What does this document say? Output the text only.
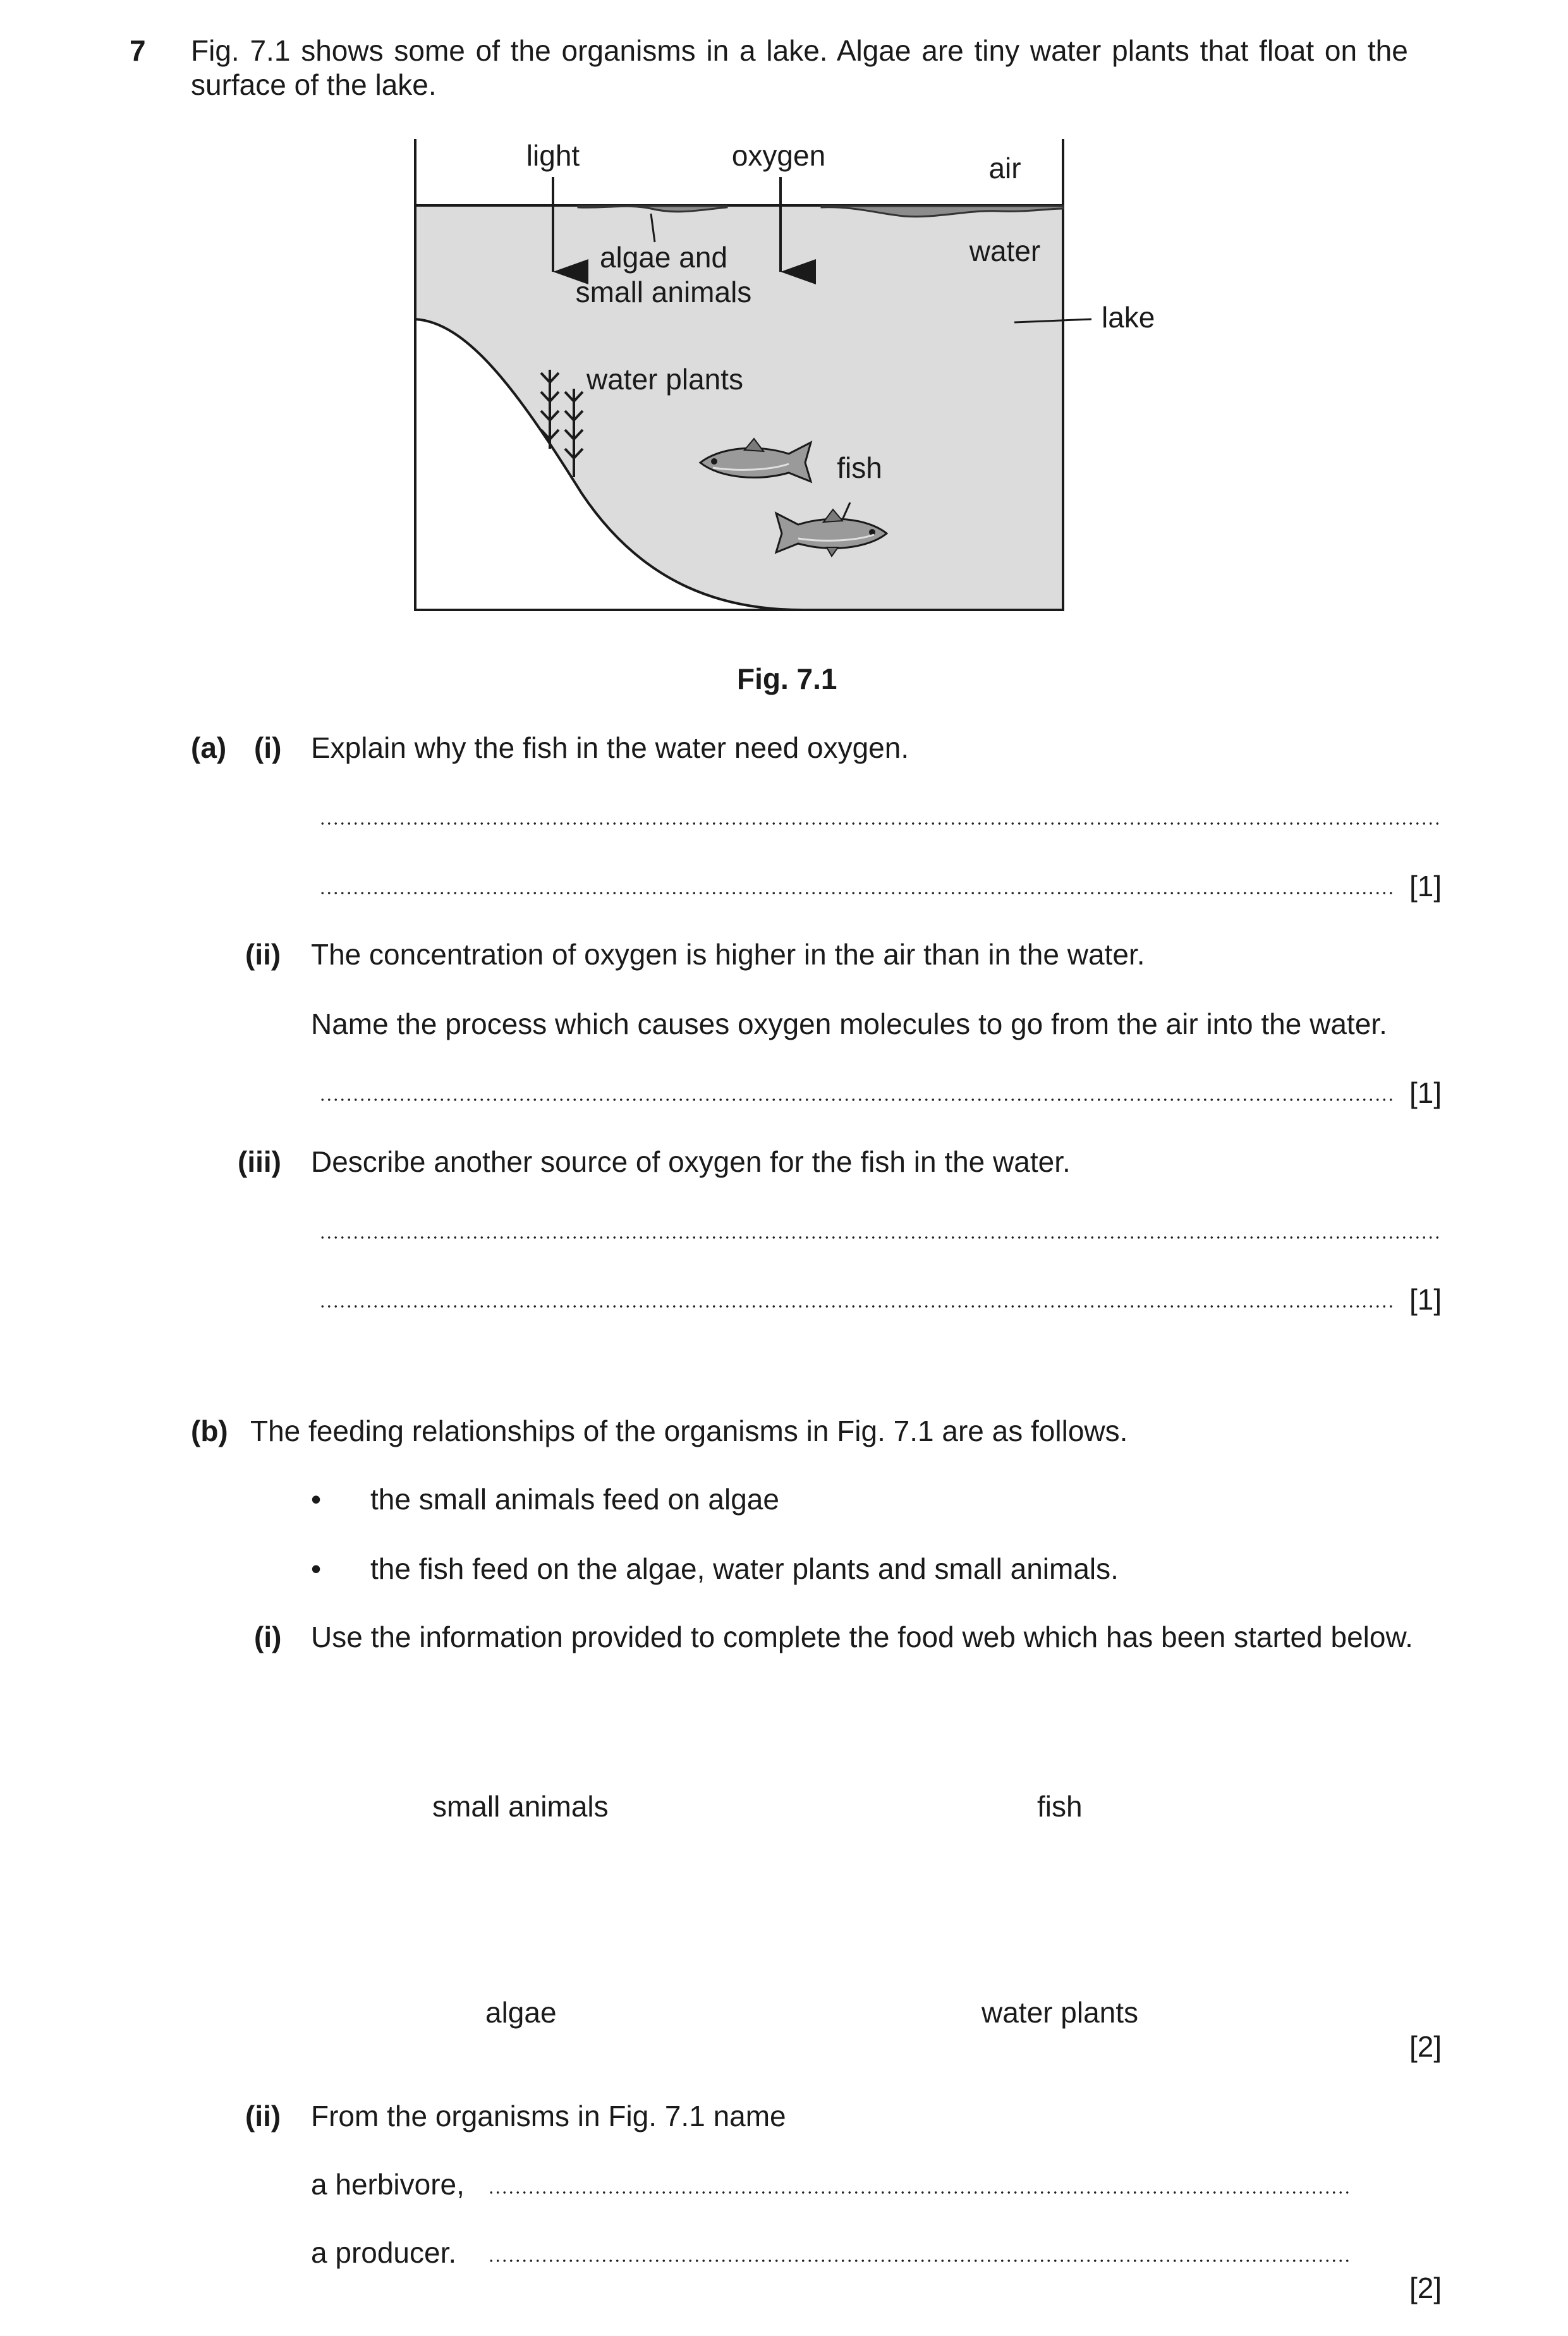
7 Fig. 7.1 shows some of the organisms in a lake. Algae are tiny water plants that float on the
surface of the lake.
light	oxygen	air
algae and
small animals
water
lake
water plants
fish
Fig. 7.1
(a) (i) Explain why the fish in the water need oxygen.
[1]
(ii) The concentration of oxygen is higher in the air than in the water.
Name the process which causes oxygen molecules to go from the air into the water.
[1]
(iii) Describe another source of oxygen for the fish in the water.
[1]
(b) The feeding relationships of the organisms in Fig. 7.1 are as follows.
• the small animals feed on algae
• the fish feed on the algae, water plants and small animals.
(i) Use the information provided to complete the food web which has been started below.
small animals	fish
algae	water plants
[2]
(ii) From the organisms in Fig. 7.1 name
a herbivore,
a producer.
[2]
